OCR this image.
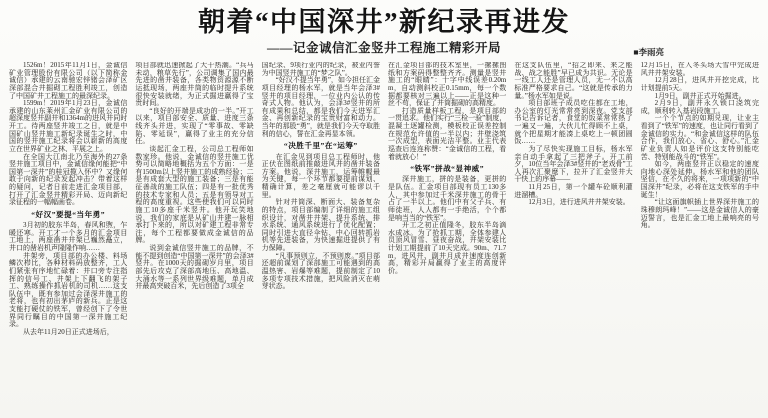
朝着“中国深井”新纪录再进发
——记金诚信汇金竖井工程施工精彩开局	■李雨亮

1526m！2015年11月1日，金诚信矿业管理股份有限公司（以下简称金诚信）承建的云南驰宏锌锗会泽矿区深部混合井掘砌工程胜利竣工，创造了中国矿井工程施工的最深纪录。

1599m！2019年1月23日，金诚信承建的山东莱州汇金矿业有限公司的超深度竖井副井和1364m的进风井同时开工。待两座竖井竣工之日，就是中国矿山竖井施工新纪录诞生之时，中国的竖井施工纪录将会以崭新的高度立在世界矿业之林、平展之上。

在全国大江南北乃至海外的27条竖井施工项目中，金诚信缘何能把“中国第一深井”的桂冠揽入怀中？又缘何敢于向新的纪录发起冲击？带着这样的疑问，记者日前走进汇金项目部，打开了汇金竖井精彩开局、迈向新纪录征程的一幅幅画卷。

“好汉”要提“当年勇”

3月初的胶东半岛，春风和煦，乍暖还寒。开工才一个多月的汇金项目工地上，两座凿井井架已巍然矗立，井口的凿岩机声隆隆作响……

井架旁，项目部的办公楼、料场鳞次栉比，各种材料码放整齐，工人们紧张有序地忙碌着：井口旁专注指挥的信号工、井架上下翻飞的架子工、熟练操作抓岩机的司机……这支队伍中，既有参加过会泽深井施工的老将，也有初出茅庐的新兵。正是这支能打硬仗的铁军，曾经创下了令世界同行瞩目的中国第一深井施工纪录。

从去年11月20日正式进场后，

项目部就迅速掀起了大干热潮。“兵马未动，粮草先行”，公司调集了国内最先进的凿井装备，各类物资源源不断运抵现场，两座井筒的临时提升系统很快安装就绪，为正式掘进赢得了宝贵时间。

“良好的开端是成功的一半。”开工以来，项目部安全、质量、进度三条线齐头并进，实现了“零事故、零缺陷、零延误”，赢得了业主的充分信任。

谈起汇金工程，公司总工程师如数家珍。他说，金诚信的竖井施工优势可以简略地概括为五个方面：一是有1500m以上竖井施工的成熟经验；二是有成套大型的施工装备；三是有能征善战的施工队伍；四是有一批优秀的技术专家和人员；五是有领导对工程的高度重视。这些使我们可以同时施工10多座千米竖井。他开玩笑地说，我们的家底是从矿山井建一脉相承打下来的，所以对矿建工程非常专注，每个工程都要做成金诚信的品牌。

说到金诚信竖井施工的品牌，不能不提到创造“中国第一深井”的会泽3#竖井。在1000天的掘砌岁月里，项目部先后攻克了深部高地压、高地温、大涌水等一系列世界级难题，单月成井最高突破百米，先后创造了3项全

国纪录、9项行业内的纪录，被业内誉为中国竖井施工的“梦之队”。

“好汉不提当年勇”，如今担任汇金项目经理的杨水军，就是当年会泽3#竖井的项目经理，一位业内公认的传奇式人物。他认为，会泽3#竖井的所有成果和总结，都是我们今天进军汇金、再创新纪录的宝贵财富和动力。当年的那股“勇”，就是我们今天夺取胜利的信心，誓在汇金再显本领。

“决胜千里”在“运筹”

在汇金见到项目总工程师时，他正伏在图纸前推敲进风井的凿井装备方案。他说，深井施工，运筹帷幄最为关键，每一个环节都要提前谋划、精确计算，差之毫厘就可能谬以千里。

针对井筒深、断面大、装备复杂的特点，项目部编制了详细的施工组织设计，对凿井井架、提升系统、排水系统、通风系统进行了优化配置；同时引进大直径伞钻、中心回转抓岩机等先进装备，为快速掘进提供了有力保障。

“凡事预则立，不预则废。”项目部还超前谋划了深部施工可能遇到的高温热害、岩爆等难题，提前制定了10多项专项技术措施，把风险消灭在萌芽状态。

在汇金项目部的技术室里，一摞摞图纸和方案码得整整齐齐。测量是竖井施工的“眼睛”：十字中线误差0.20mm，自动测斜校正0.15mm，每一个数据都要核对三遍以上——正是这种一丝不苟，保证了井筒掘砌的高精度。

打造质量样板工程，是项目部的一贯追求。他们实行“三检一验”制度，混凝土逐罐检测，模板校正误差控制在规范允许值的一半以内；井壁浇筑一次成型，表面光洁平整。业主代表巡查后连连称赞：“金诚信的工程，看着就放心！”

“铁军”拼战“显神威”

深井施工，拼的是装备，更拼的是队伍。汇金项目部现有员工130多人，其中参加过千米深井施工的骨干占了一半以上。他们中有父子兵、有师徒班，人人都有一手绝活，个个都是响当当的“铁军”。

开工之初正值隆冬，胶东半岛滴水成冰。为了抢抓工期，全体参建人员顶风冒雪、昼夜奋战，井架安装比计划工期提前了10天完成。90m、71.7m，进风井、副井月成井速度连创新高，精彩开局赢得了业主的高度评价。

在这支队伍里，“招之即来、来之能战、战之能胜”早已成为共识。无论是一线工人还是管理人员，无一不以高标准严格要求自己。“这就是传承的力量。”杨水军如是说。

项目部班子成员吃住都在工地，办公室的灯光常常亮到深夜。党支部书记告诉记者，食堂的饭菜常常热了一遍又一遍，大伙儿忙得顾不上桌，就个把星期才能凑上桌吃上一顿团圆饭……

为了尽快实现施工目标，杨水军亲自动手拿起了三把斧子。开工前夕，10位当年会泽3#竖井的“老戏骨”工人再次汇聚麾下，拉开了汇金竖井大干快上的序幕——

11月25日，第一个罐车砼顺利灌进溜槽。

12月3日，进行进风井井架安装。

12月15日，在入冬头场大雪中完成进风井井架安装。

12月28日，进风井开挖完成，比计划提前5天。

1月9日，副井正式开始掘进。

2月9日，副井永久锁口浇筑完成，顺利转入基岩段施工。

一个个节点的如期兑现，让业主看到了“铁军”的速度，也让同行看到了金诚信的实力。“和金诚信这样的队伍合作，我们放心、省心、舒心。”汇金矿业负责人如是评价这支特别能吃苦、特别能战斗的“铁军”。

如今，两座竖井正以稳定的速度向地心深处延伸。杨水军和他的团队坚信，在不久的将来，一项项新的“中国深井”纪录，必将在这支铁军的手中诞生！

“让这面旗帜插上世界深井施工的珠穆朗玛峰！”——这是金诚信人的豪迈誓言，也是汇金工地上最响亮的号角。
